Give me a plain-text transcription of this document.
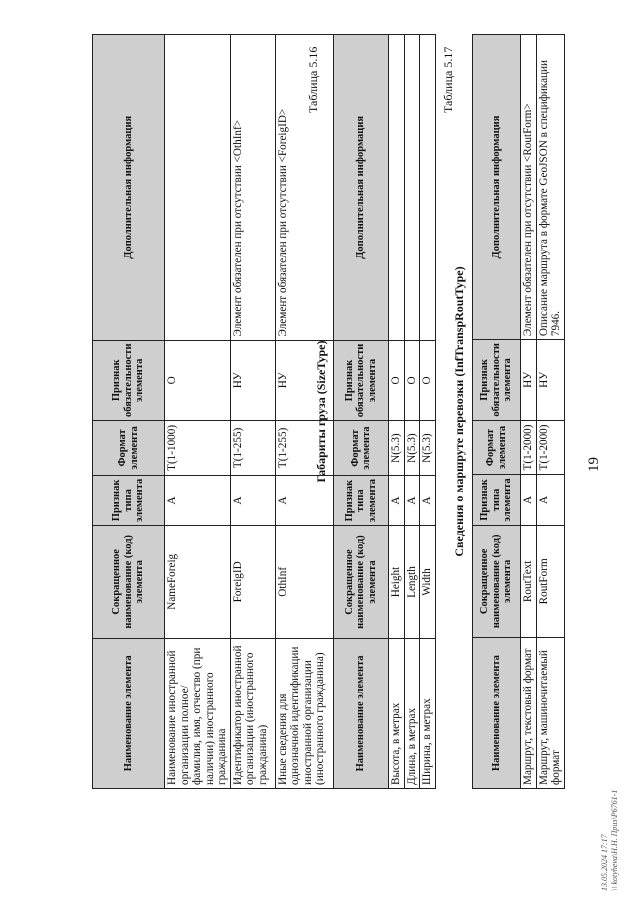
19
13.05.2024 17:17 \\ kotyheva\Н.Н. Приз\Р6761-1
Наименование элемента	Сокращенное наименование (код) элемента	Признак типа элемента	Формат элемента	Признак обязательности элемента	Дополнительная информация
Наименование иностранной организации полное/фамилия, имя, отчество (при наличии) иностранного гражданина	NameForeig	А	T(1-1000)	О	
Идентификатор иностранной организации (иностранного гражданина)	ForeigID	А	T(1-255)	НУ	Элемент обязателен при отсутствии <OthInf>
Иные сведения для однозначной идентификации иностранной организации (иностранного гражданина)	OthInf	А	T(1-255)	НУ	Элемент обязателен при отсутствии <ForeigID>
Таблица 5.16
Габариты груза (SizeType)
Наименование элемента	Сокращенное наименование (код) элемента	Признак типа элемента	Формат элемента	Признак обязательности элемента	Дополнительная информация
Высота, в метрах	Height	А	N(5.3)	О	
Длина, в метрах	Length	А	N(5.3)	О	
Ширина, в метрах	Width	А	N(5.3)	О	
Таблица 5.17
Сведения о маршруте перевозки (InfTranspRoutType)
Наименование элемента	Сокращенное наименование (код) элемента	Признак типа элемента	Формат элемента	Признак обязательности элемента	Дополнительная информация
Маршрут, текстовый формат	RoutText	А	T(1-2000)	НУ	Элемент обязателен при отсутствии <RoutForm>
Маршрут, машиночитаемый формат	RoutForm	А	T(1-2000)	НУ	Описание маршрута в формате GeoJSON в спецификации 7946.
